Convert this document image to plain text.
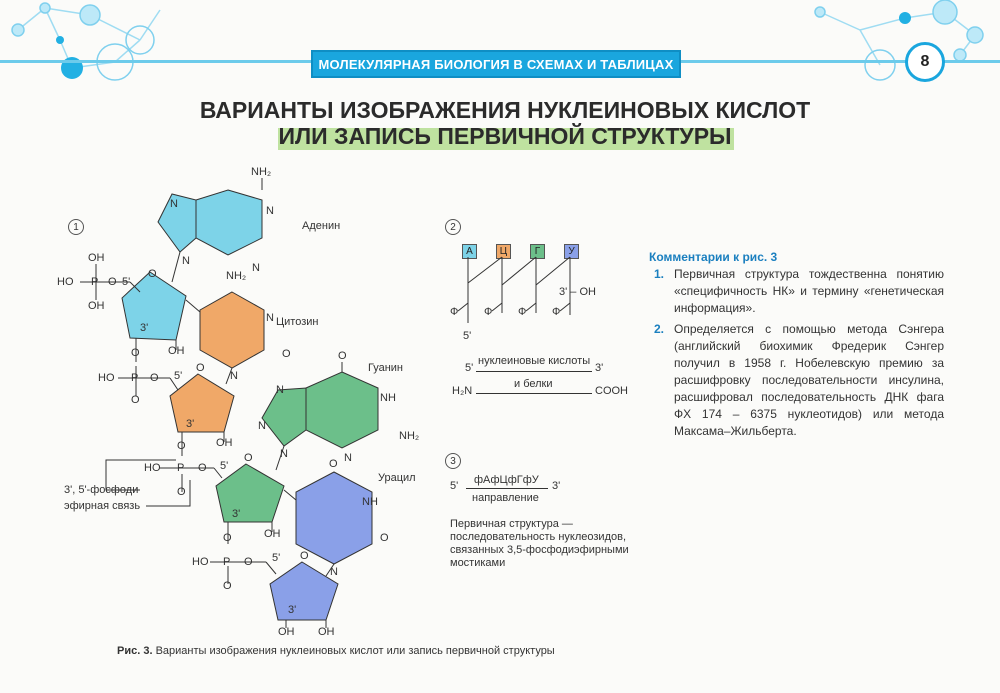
МОЛЕКУЛЯРНАЯ БИОЛОГИЯ В СХЕМАХ И ТАБЛИЦАХ	8
ВАРИАНТЫ ИЗОБРАЖЕНИЯ НУКЛЕИНОВЫХ КИСЛОТ
ИЛИ ЗАПИСЬ ПЕРВИЧНОЙ СТРУКТУРЫ
1
NH₂
Аденин
N
N
N
N
OH
HO P O
OH
5'
O
3'
OH
O
NH₂
Цитозин
N
O
N
HO P O 5'
O
O
3'
OH
O
O
Гуанин
N
NH
N
NH₂
N
N
HO P O 5'
O
O
3'
OH
O
O
Урацил
NH
O
N
HO P O 5'
O
O
3'
OH OH
3', 5'-фосфоди
эфирная связь
2
А	Ц	Г	У
Ф Ф Ф Ф
3' – OH
5'
5'
нуклеиновые кислоты
3'
и белки
H₂N	COOH
3
5' фАфЦфГфУ 3'
направление
Первичная структура —
последовательность нуклеозидов,
связанных 3,5-фосфодиэфирными
мостиками
Комментарии к рис. 3
1. Первичная структура тождественна понятию «специфичность НК» и термину «генетическая информация».
2. Определяется с помощью метода Сэнгера (английский биохимик Фредерик Сэнгер получил в 1958 г. Нобелевскую премию за расшифровку последовательности инсулина, расшифровал последовательность ДНК фага ФХ 174 – 6375 нуклеотидов) или метода Максама–Жильберта.
Рис. 3. Варианты изображения нуклеиновых кислот или запись первичной структуры
